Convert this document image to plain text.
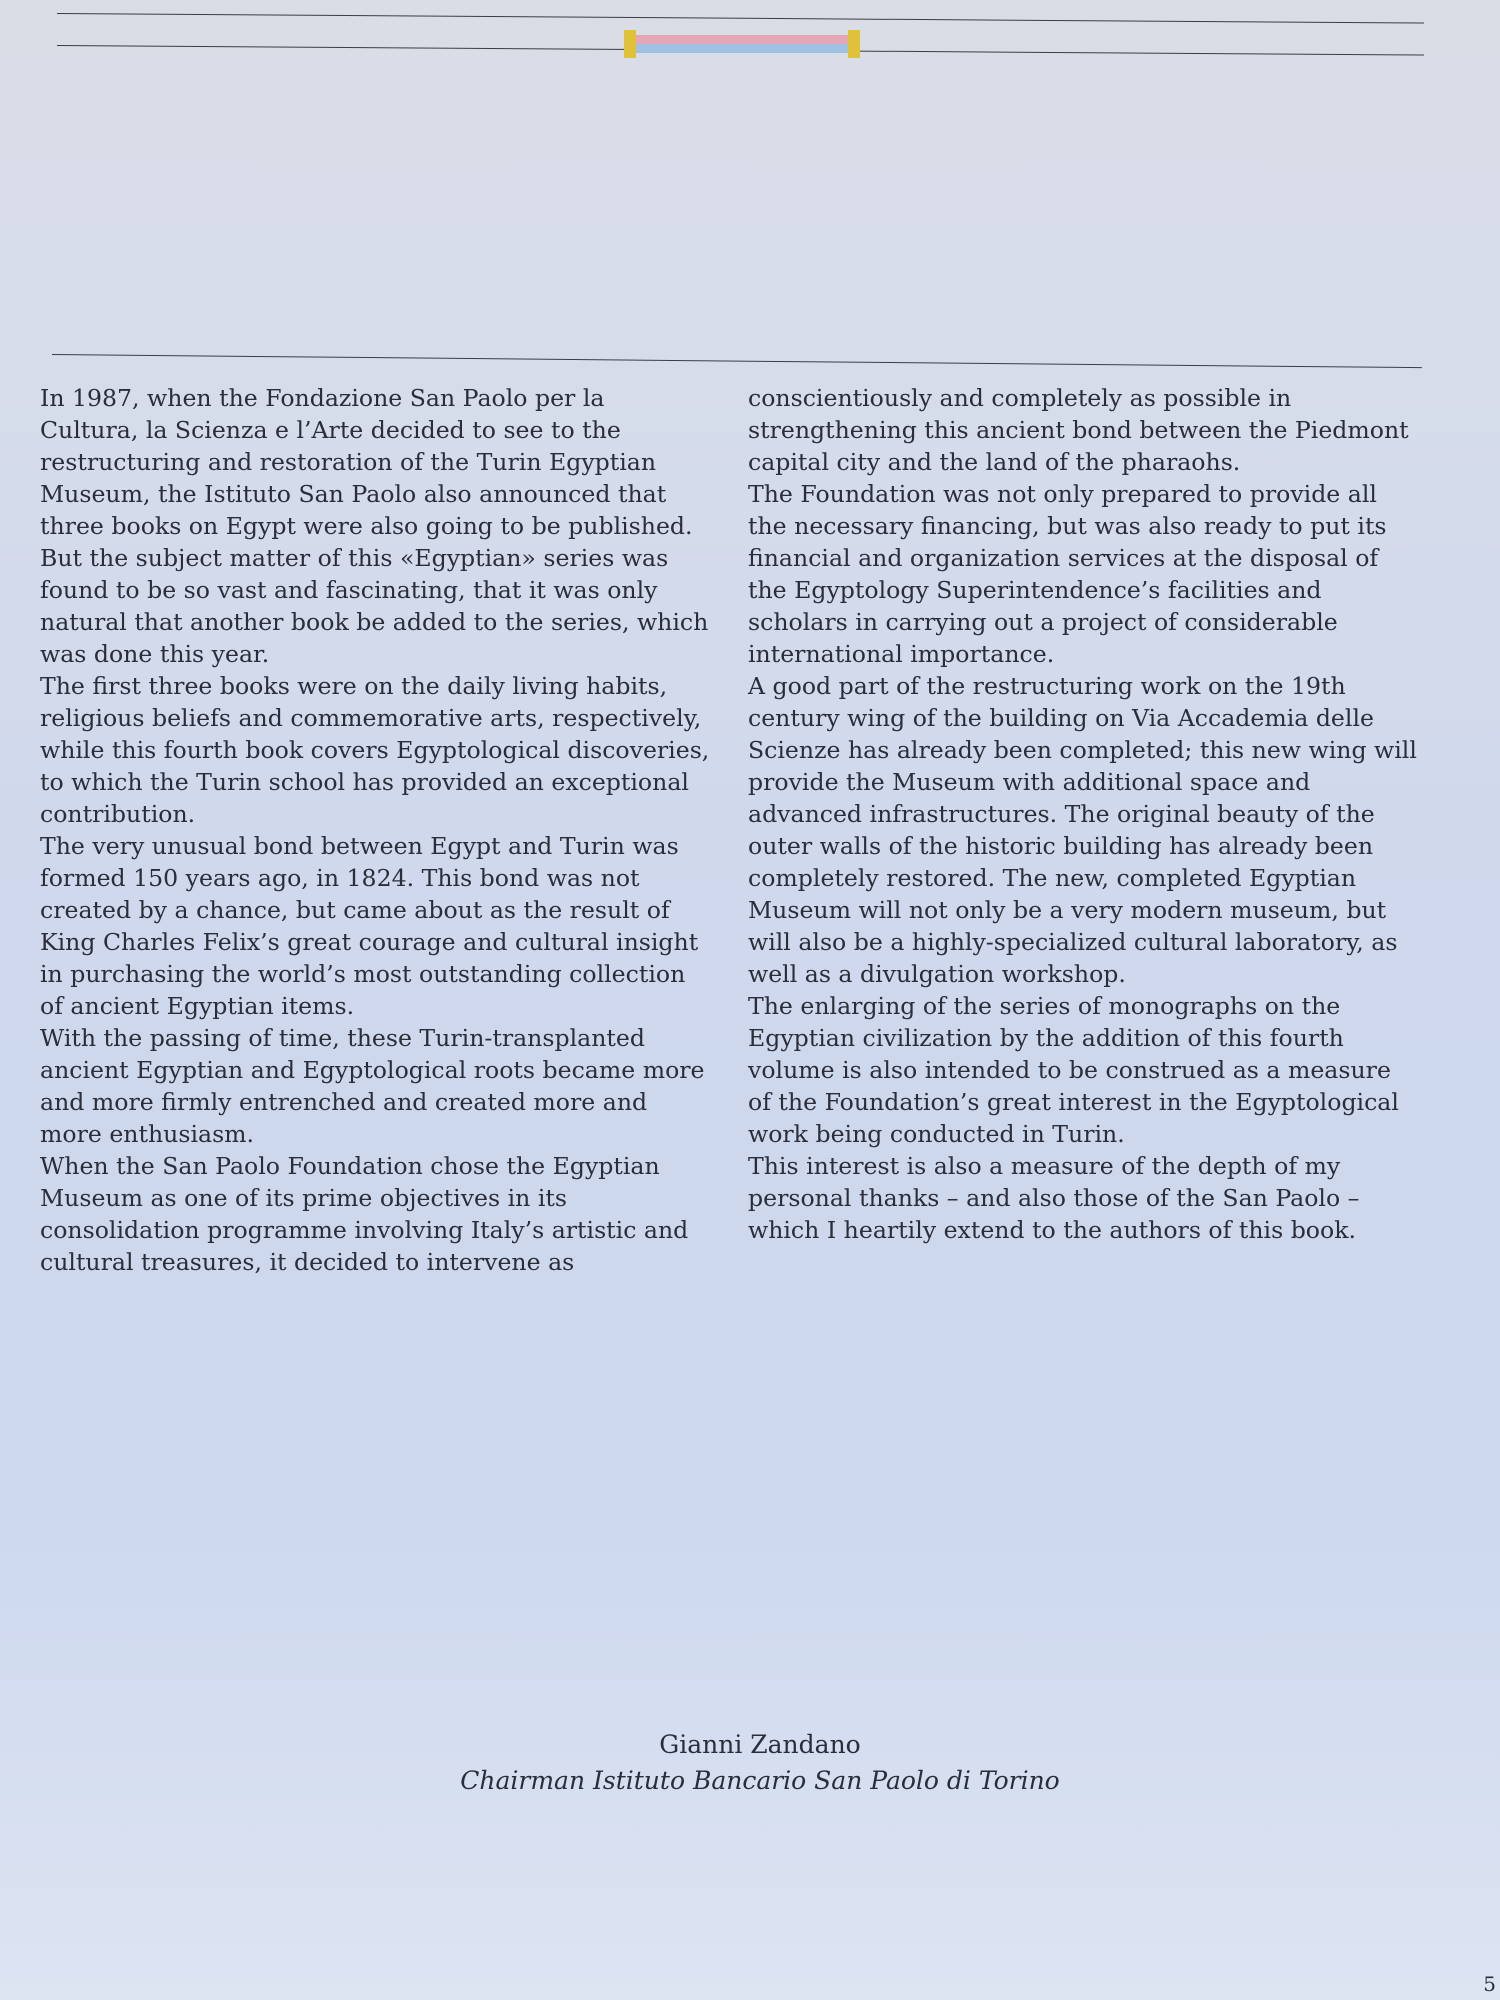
In 1987, when the Fondazione San Paolo per la Cultura, la Scienza e l’Arte decided to see to the restructuring and restoration of the Turin Egyptian Museum, the Istituto San Paolo also announced that three books on Egypt were also going to be published.

But the subject matter of this «Egyptian» series was found to be so vast and fascinating, that it was only natural that another book be added to the series, which was done this year.

The first three books were on the daily living habits, religious beliefs and commemorative arts, respectively, while this fourth book covers Egyptological discoveries, to which the Turin school has provided an exceptional contribution.

The very unusual bond between Egypt and Turin was formed 150 years ago, in 1824. This bond was not created by a chance, but came about as the result of King Charles Felix’s great courage and cultural insight in purchasing the world’s most outstanding collection of ancient Egyptian items.

With the passing of time, these Turin-transplanted ancient Egyptian and Egyptological roots became more and more firmly entrenched and created more and more enthusiasm.

When the San Paolo Foundation chose the Egyptian Museum as one of its prime objectives in its consolidation programme involving Italy’s artistic and cultural treasures, it decided to intervene as

conscientiously and completely as possible in strengthening this ancient bond between the Piedmont capital city and the land of the pharaohs.

The Foundation was not only prepared to provide all the necessary financing, but was also ready to put its financial and organization services at the disposal of the Egyptology Superintendence’s facilities and scholars in carrying out a project of considerable international importance.

A good part of the restructuring work on the 19th century wing of the building on Via Accademia delle Scienze has already been completed; this new wing will provide the Museum with additional space and advanced infrastructures. The original beauty of the outer walls of the historic building has already been completely restored. The new, completed Egyptian Museum will not only be a very modern museum, but will also be a highly-specialized cultural laboratory, as well as a divulgation workshop.

The enlarging of the series of monographs on the Egyptian civilization by the addition of this fourth volume is also intended to be construed as a measure of the Foundation’s great interest in the Egyptological work being conducted in Turin.

This interest is also a measure of the depth of my personal thanks – and also those of the San Paolo – which I heartily extend to the authors of this book.

Gianni Zandano
Chairman Istituto Bancario San Paolo di Torino
5
